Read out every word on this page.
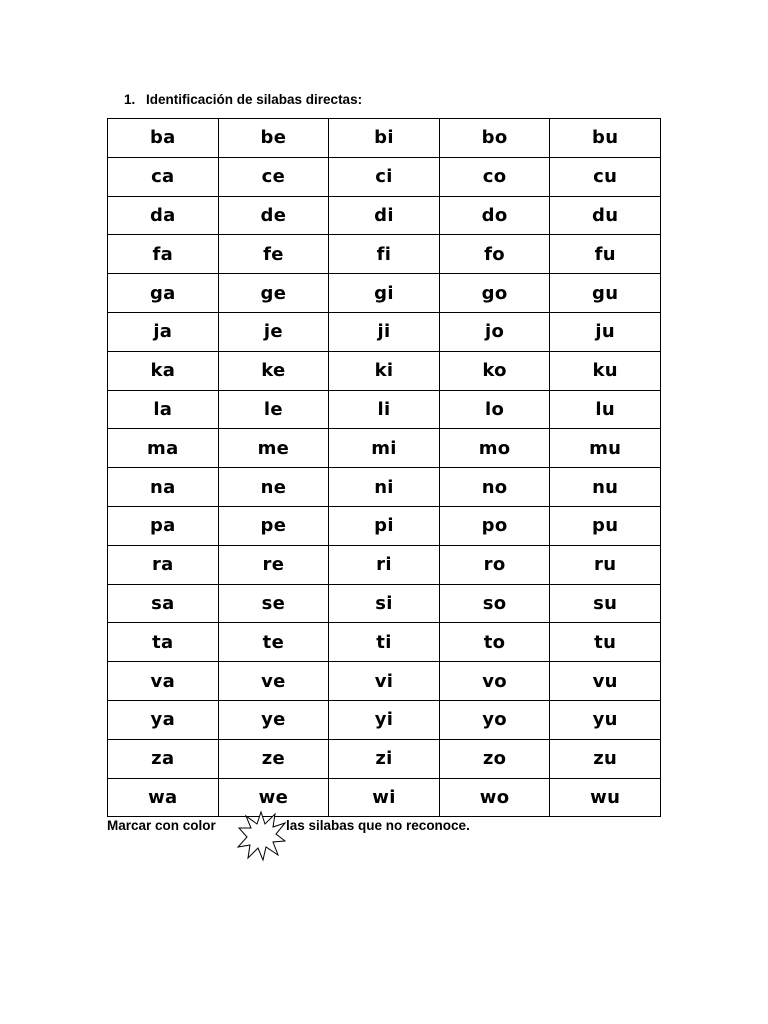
1. Identificación de silabas directas:
ba	be	bi	bo	bu
ca	ce	ci	co	cu
da	de	di	do	du
fa	fe	fi	fo	fu
ga	ge	gi	go	gu
ja	je	ji	jo	ju
ka	ke	ki	ko	ku
la	le	li	lo	lu
ma	me	mi	mo	mu
na	ne	ni	no	nu
pa	pe	pi	po	pu
ra	re	ri	ro	ru
sa	se	si	so	su
ta	te	ti	to	tu
va	ve	vi	vo	vu
ya	ye	yi	yo	yu
za	ze	zi	zo	zu
wa	we	wi	wo	wu
Marcar con color	las silabas que no reconoce.
